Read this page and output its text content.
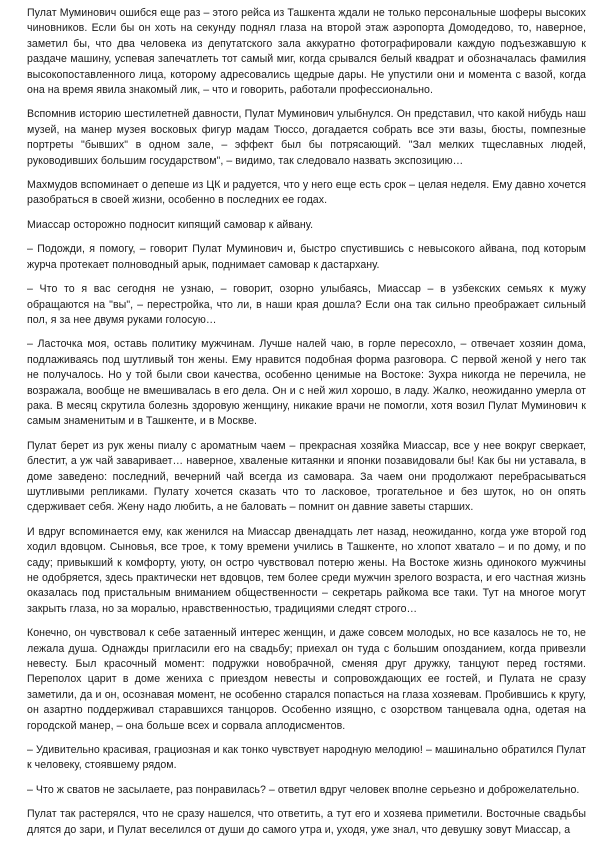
Пулат Муминович ошибся еще раз – этого рейса из Ташкента ждали не только персональные шоферы высоких чиновников. Если бы он хоть на секунду поднял глаза на второй этаж аэропорта Домодедово, то, наверное, заметил бы, что два человека из депутатского зала аккуратно фотографировали каждую подъезжавшую к раздаче машину, успевая запечатлеть тот самый миг, когда срывался белый квадрат и обозначалась фамилия высокопоставленного лица, которому адресовались щедрые дары. Не упустили они и момента с вазой, когда она на время явила знакомый лик, – что и говорить, работали профессионально.

Вспомнив историю шестилетней давности, Пулат Муминович улыбнулся. Он представил, что какой нибудь наш музей, на манер музея восковых фигур мадам Тюссо, догадается собрать все эти вазы, бюсты, помпезные портреты "бывших" в одном зале, – эффект был бы потрясающий. "Зал мелких тщеславных людей, руководивших большим государством", – видимо, так следовало назвать экспозицию…

Махмудов вспоминает о депеше из ЦК и радуется, что у него еще есть срок – целая неделя. Ему давно хочется разобраться в своей жизни, особенно в последних ее годах.

Миассар осторожно подносит кипящий самовар к айвану.

– Подожди, я помогу, – говорит Пулат Муминович и, быстро спустившись с невысокого айвана, под которым журча протекает полноводный арык, поднимает самовар к дастархану.

– Что то я вас сегодня не узнаю, – говорит, озорно улыбаясь, Миассар – в узбекских семьях к мужу обращаются на "вы", – перестройка, что ли, в наши края дошла? Если она так сильно преображает сильный пол, я за нее двумя руками голосую…

– Ласточка моя, оставь политику мужчинам. Лучше налей чаю, в горле пересохло, – отвечает хозяин дома, подлаживаясь под шутливый тон жены. Ему нравится подобная форма разговора. С первой женой у него так не получалось. Но у той были свои качества, особенно ценимые на Востоке: Зухра никогда не перечила, не возражала, вообще не вмешивалась в его дела. Он и с ней жил хорошо, в ладу. Жалко, неожиданно умерла от рака. В месяц скрутила болезнь здоровую женщину, никакие врачи не помогли, хотя возил Пулат Муминович к самым знаменитым и в Ташкенте, и в Москве.

Пулат берет из рук жены пиалу с ароматным чаем – прекрасная хозяйка Миассар, все у нее вокруг сверкает, блестит, а уж чай заваривает… наверное, хваленые китаянки и японки позавидовали бы! Как бы ни уставала, в доме заведено: последний, вечерний чай всегда из самовара. За чаем они продолжают перебрасываться шутливыми репликами. Пулату хочется сказать что то ласковое, трогательное и без шуток, но он опять сдерживает себя. Жену надо любить, а не баловать – помнит он давние заветы старших.

И вдруг вспоминается ему, как женился на Миассар двенадцать лет назад, неожиданно, когда уже второй год ходил вдовцом. Сыновья, все трое, к тому времени учились в Ташкенте, но хлопот хватало – и по дому, и по саду; привыкший к комфорту, уюту, он остро чувствовал потерю жены. На Востоке жизнь одинокого мужчины не одобряется, здесь практически нет вдовцов, тем более среди мужчин зрелого возраста, и его частная жизнь оказалась под пристальным вниманием общественности – секретарь райкома все таки. Тут на многое могут закрыть глаза, но за моралью, нравственностью, традициями следят строго…

Конечно, он чувствовал к себе затаенный интерес женщин, и даже совсем молодых, но все казалось не то, не лежала душа. Однажды пригласили его на свадьбу; приехал он туда с большим опозданием, когда привезли невесту. Был красочный момент: подружки новобрачной, сменяя друг дружку, танцуют перед гостями. Переполох царит в доме жениха с приездом невесты и сопровождающих ее гостей, и Пулата не сразу заметили, да и он, осознавая момент, не особенно старался попасться на глаза хозяевам. Пробившись к кругу, он азартно поддерживал старавшихся танцоров. Особенно изящно, с озорством танцевала одна, одетая на городской манер, – она больше всех и сорвала аплодисментов.

– Удивительно красивая, грациозная и как тонко чувствует народную мелодию! – машинально обратился Пулат к человеку, стоявшему рядом.

– Что ж сватов не засылаете, раз понравилась? – ответил вдруг человек вполне серьезно и доброжелательно.

Пулат так растерялся, что не сразу нашелся, что ответить, а тут его и хозяева приметили. Восточные свадьбы длятся до зари, и Пулат веселился от души до самого утра и, уходя, уже знал, что девушку зовут Миассар, а
